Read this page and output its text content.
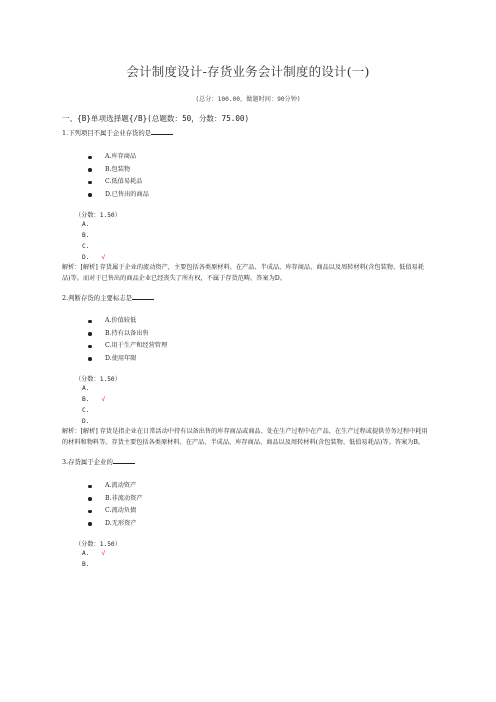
会计制度设计-存货业务会计制度的设计(一)
(总分：100.00，做题时间：90分钟)
一、{B}单项选择题{/B}(总题数：50，分数：75.00)
1.下列项目不属于企业存货的是
A.库存商品
B.包装物
C.低值易耗品
D.已售出的商品
（分数：1.50）
A.
B.
C.
D. √
解析：[解析] 存货属于企业的流动资产，主要包括各类原材料、在产品、半成品、库存商品、商品以及周转材料(含包装物、低值易耗品)等。而对于已售出的商品企业已经丧失了所有权，不属于存货范畴。答案为D。
2.判断存货的主要标志是
A.价值较低
B.持有以备出售
C.用于生产和经营管理
D.使用年限
（分数：1.50）
A.
B. √
C.
D.
解析：[解析] 存货是指企业在日常活动中持有以备出售的库存商品或商品、处在生产过程中在产品、在生产过程或提供劳务过程中耗用的材料和物料等。存货主要包括各类原材料、在产品、半成品、库存商品、商品以及周转材料(含包装物、低值易耗品)等。答案为B。
3.存货属于企业的
A.流动资产
B.非流动资产
C.流动负债
D.无形资产
（分数：1.50）
A. √
B.
